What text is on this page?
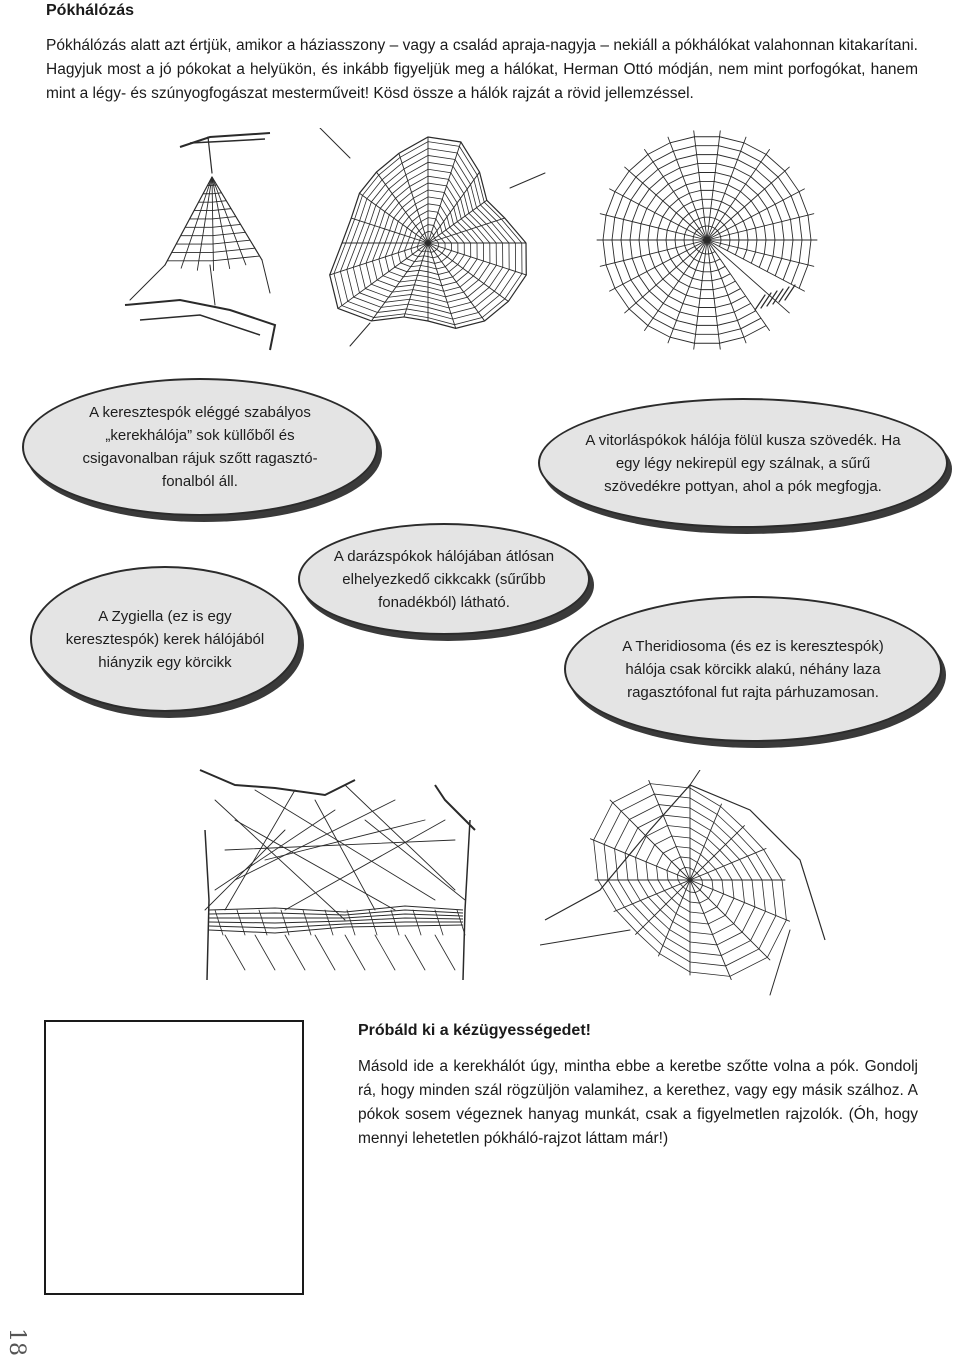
Pókhálózás
Pókhálózás alatt azt értjük, amikor a háziasszony – vagy a család apraja-nagyja – nekiáll a pókhálókat valahonnan kitakarítani. Hagyjuk most a jó pókokat a helyükön, és inkább figyeljük meg a hálókat, Herman Ottó módján, nem mint porfogókat, hanem mint a légy- és szúnyogfogászat mesterműveit! Kösd össze a hálók rajzát a rövid jellemzéssel.

A keresztespók eléggé szabályos „kerekhálója” sok küllőből és csigavonalban rájuk szőtt ragasztó-fonalból áll.

A vitorláspókok hálója fölül kusza szövedék. Ha egy légy nekirepül egy szálnak, a sűrű szövedékre pottyan, ahol a pók megfogja.

A darázspókok hálójában átlósan elhelyezkedő cikkcakk (sűrűbb fonadékból) látható.

A Zygiella (ez is egy keresztespók) kerek hálójából hiányzik egy körcikk

A Theridiosoma (és ez is keresztespók) hálója csak körcikk alakú, néhány laza ragasztófonal fut rajta párhuzamosan.

Próbáld ki a kézügyességedet!
Másold ide a kerekhálót úgy, mintha ebbe a keretbe szőtte volna a pók. Gondolj rá, hogy minden szál rögzüljön valamihez, a kerethez, vagy egy másik szálhoz. A pókok sosem végeznek hanyag munkát, csak a figyelmetlen rajzolók. (Óh, hogy mennyi lehetetlen pókháló-rajzot láttam már!)
18
